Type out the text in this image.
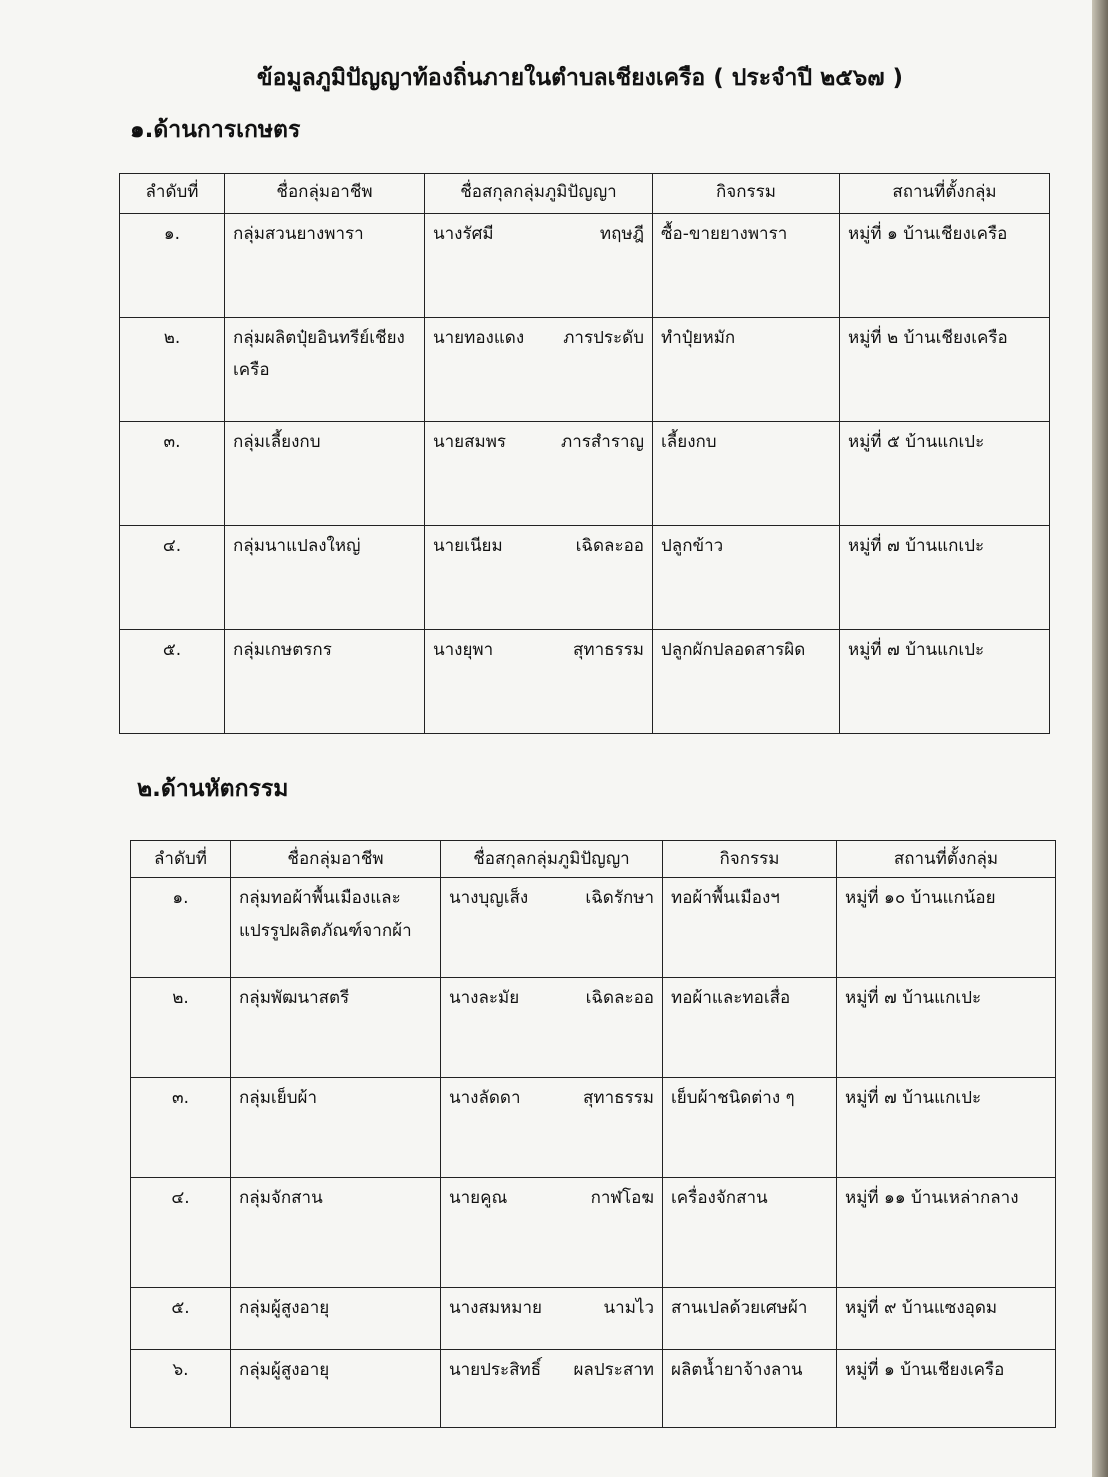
ข้อมูลภูมิปัญญาท้องถิ่นภายในตำบลเชียงเครือ ( ประจำปี ๒๕๖๗ )
๑.ด้านการเกษตร
ลำดับที่	ชื่อกลุ่มอาชีพ	ชื่อสกุลกลุ่มภูมิปัญญา	กิจกรรม	สถานที่ตั้งกลุ่ม
๑.	กลุ่มสวนยางพารา	นางรัศมี ทฤษฎี	ซื้อ-ขายยางพารา	หมู่ที่ ๑ บ้านเชียงเครือ
๒.	กลุ่มผลิตปุ๋ยอินทรีย์เชียงเครือ	นายทองแดง ภารประดับ	ทำปุ๋ยหมัก	หมู่ที่ ๒ บ้านเชียงเครือ
๓.	กลุ่มเลี้ยงกบ	นายสมพร ภารสำราญ	เลี้ยงกบ	หมู่ที่ ๕ บ้านแกเปะ
๔.	กลุ่มนาแปลงใหญ่	นายเนียม เฉิดละออ	ปลูกข้าว	หมู่ที่ ๗ บ้านแกเปะ
๕.	กลุ่มเกษตรกร	นางยุพา สุทาธรรม	ปลูกผักปลอดสารผิด	หมู่ที่ ๗ บ้านแกเปะ
๒.ด้านหัตกรรม
ลำดับที่	ชื่อกลุ่มอาชีพ	ชื่อสกุลกลุ่มภูมิปัญญา	กิจกรรม	สถานที่ตั้งกลุ่ม
๑.	กลุ่มทอผ้าพื้นเมืองและแปรรูปผลิตภัณฑ์จากผ้า	นางบุญเส็ง เฉิดรักษา	ทอผ้าพื้นเมืองฯ	หมู่ที่ ๑๐ บ้านแกน้อย
๒.	กลุ่มพัฒนาสตรี	นางละมัย เฉิดละออ	ทอผ้าและทอเสื่อ	หมู่ที่ ๗ บ้านแกเปะ
๓.	กลุ่มเย็บผ้า	นางลัดดา สุทาธรรม	เย็บผ้าชนิดต่าง ๆ	หมู่ที่ ๗ บ้านแกเปะ
๔.	กลุ่มจักสาน	นายคูณ กาฬโอฆ	เครื่องจักสาน	หมู่ที่ ๑๑ บ้านเหล่ากลาง
๕.	กลุ่มผู้สูงอายุ	นางสมหมาย นามไว	สานเปลด้วยเศษผ้า	หมู่ที่ ๙ บ้านแซงอุดม
๖.	กลุ่มผู้สูงอายุ	นายประสิทธิ์ ผลประสาท	ผลิตน้ำยาจ้างลาน	หมู่ที่ ๑ บ้านเชียงเครือ
